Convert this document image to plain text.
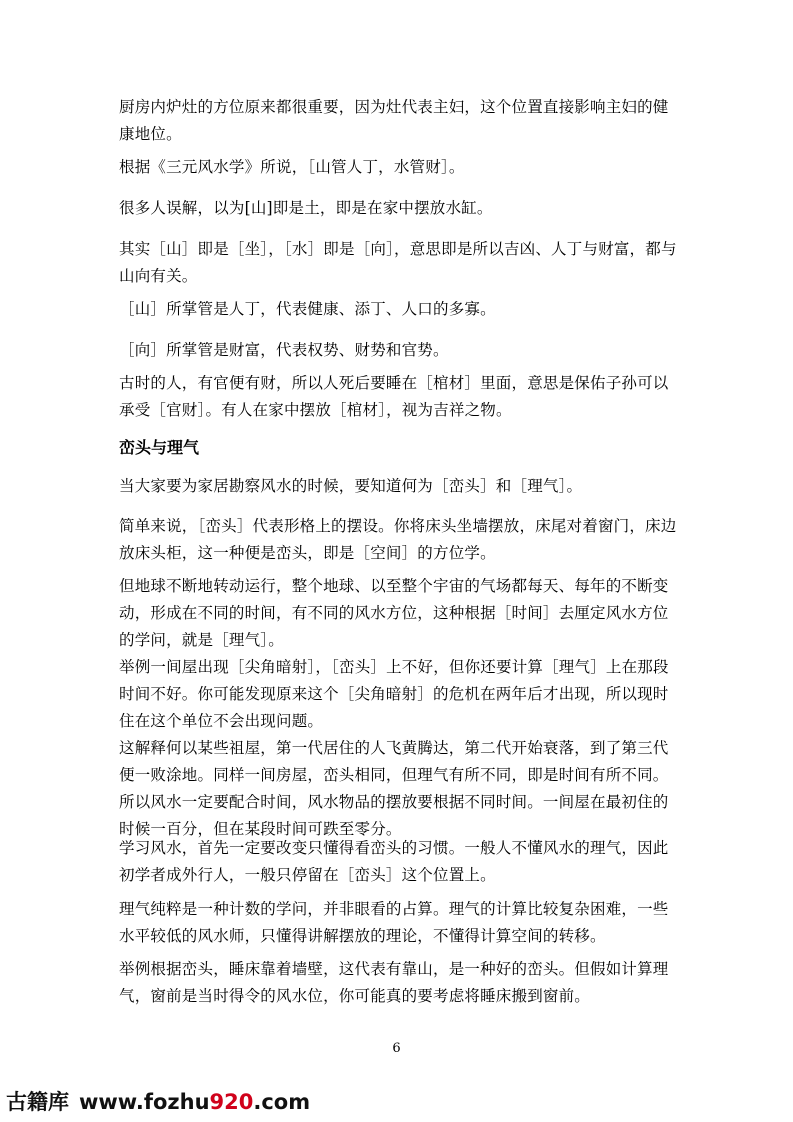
厨房内炉灶的方位原来都很重要，因为灶代表主妇，这个位置直接影响主妇的健康地位。

根据《三元风水学》所说，［山管人丁，水管财］。

很多人误解，以为[山]即是土，即是在家中摆放水缸。

其实［山］即是［坐］，［水］即是［向］，意思即是所以吉凶、人丁与财富，都与山向有关。

［山］所掌管是人丁，代表健康、添丁、人口的多寡。

［向］所掌管是财富，代表权势、财势和官势。

古时的人，有官便有财，所以人死后要睡在［棺材］里面，意思是保佑子孙可以承受［官财］。有人在家中摆放［棺材］，视为吉祥之物。

峦头与理气

当大家要为家居勘察风水的时候，要知道何为［峦头］和［理气］。

简单来说，［峦头］代表形格上的摆设。你将床头坐墙摆放，床尾对着窗门，床边放床头柜，这一种便是峦头，即是［空间］的方位学。

但地球不断地转动运行，整个地球、以至整个宇宙的气场都每天、每年的不断变动，形成在不同的时间，有不同的风水方位，这种根据［时间］去厘定风水方位的学问，就是［理气］。

举例一间屋出现［尖角暗射］，［峦头］上不好，但你还要计算［理气］上在那段时间不好。你可能发现原来这个［尖角暗射］的危机在两年后才出现，所以现时住在这个单位不会出现问题。

这解释何以某些祖屋，第一代居住的人飞黄腾达，第二代开始衰落，到了第三代便一败涂地。同样一间房屋，峦头相同，但理气有所不同，即是时间有所不同。所以风水一定要配合时间，风水物品的摆放要根据不同时间。一间屋在最初住的时候一百分，但在某段时间可跌至零分。

学习风水，首先一定要改变只懂得看峦头的习惯。一般人不懂风水的理气，因此初学者成外行人，一般只停留在［峦头］这个位置上。

理气纯粹是一种计数的学问，并非眼看的占算。理气的计算比较复杂困难，一些水平较低的风水师，只懂得讲解摆放的理论，不懂得计算空间的转移。

举例根据峦头，睡床靠着墙壁，这代表有靠山，是一种好的峦头。但假如计算理气，窗前是当时得令的风水位，你可能真的要考虑将睡床搬到窗前。

6
古籍库 www.fozhu920.com
